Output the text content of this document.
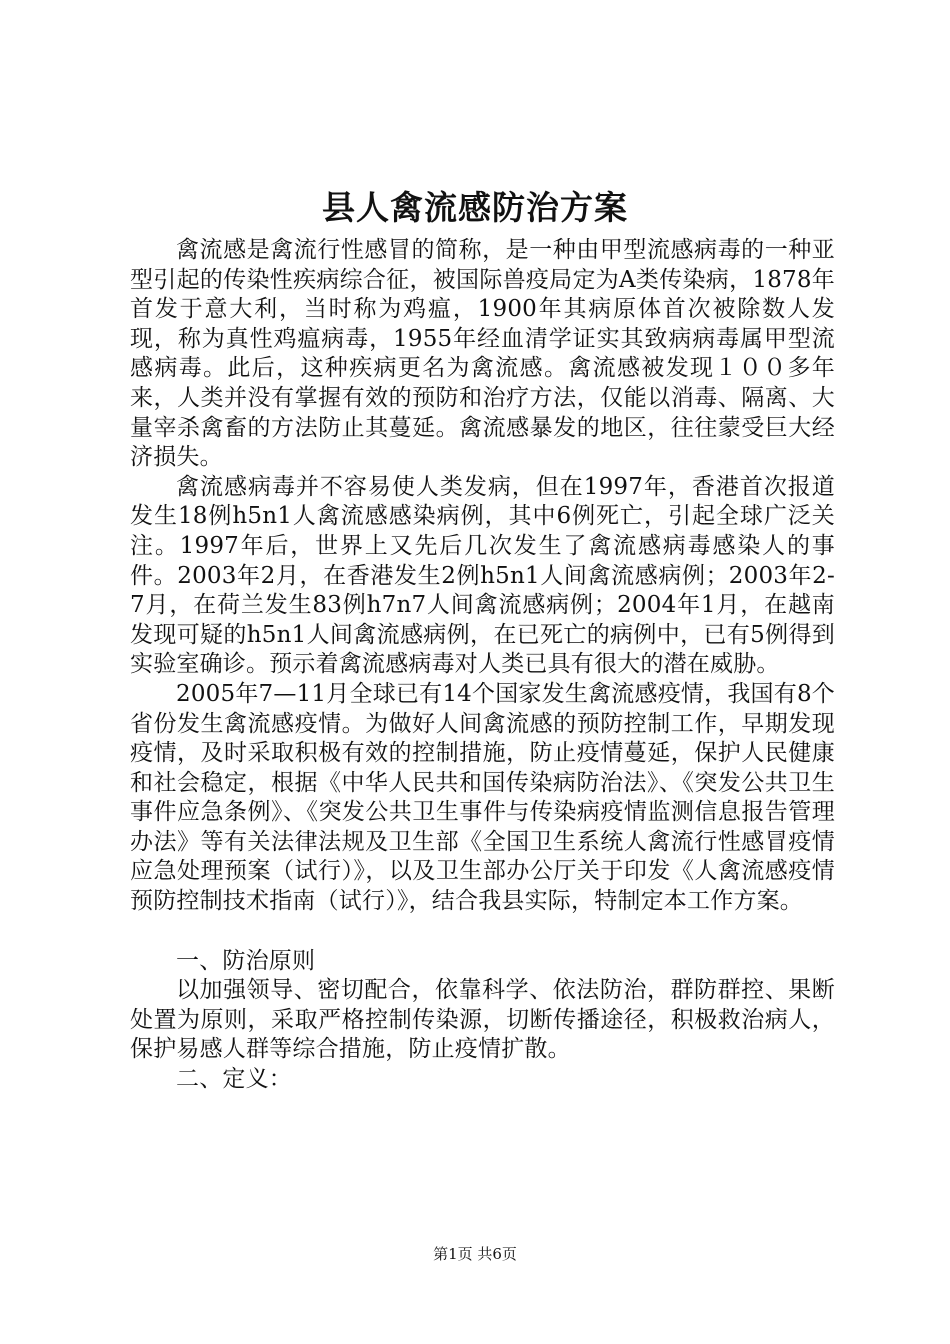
县人禽流感防治方案

禽流感是禽流行性感冒的简称，是一种由甲型流感病毒的一种亚型引起的传染性疾病综合征，被国际兽疫局定为A类传染病，1878年首发于意大利，当时称为鸡瘟，1900年其病原体首次被除数人发现，称为真性鸡瘟病毒，1955年经血清学证实其致病病毒属甲型流感病毒。此后，这种疾病更名为禽流感。禽流感被发现１００多年来，人类并没有掌握有效的预防和治疗方法，仅能以消毒、隔离、大量宰杀禽畜的方法防止其蔓延。禽流感暴发的地区，往往蒙受巨大经济损失。

禽流感病毒并不容易使人类发病，但在1997年，香港首次报道发生18例h5n1人禽流感感染病例，其中6例死亡，引起全球广泛关注。1997年后，世界上又先后几次发生了禽流感病毒感染人的事件。2003年2月，在香港发生2例h5n1人间禽流感病例；2003年2-7月，在荷兰发生83例h7n7人间禽流感病例；2004年1月，在越南发现可疑的h5n1人间禽流感病例，在已死亡的病例中，已有5例得到实验室确诊。预示着禽流感病毒对人类已具有很大的潜在威胁。

2005年7—11月全球已有14个国家发生禽流感疫情，我国有8个省份发生禽流感疫情。为做好人间禽流感的预防控制工作，早期发现疫情，及时采取积极有效的控制措施，防止疫情蔓延，保护人民健康和社会稳定，根据《中华人民共和国传染病防治法》、《突发公共卫生事件应急条例》、《突发公共卫生事件与传染病疫情监测信息报告管理办法》等有关法律法规及卫生部《全国卫生系统人禽流行性感冒疫情应急处理预案（试行）》，以及卫生部办公厅关于印发《人禽流感疫情预防控制技术指南（试行）》，结合我县实际，特制定本工作方案。

一、防治原则

以加强领导、密切配合，依靠科学、依法防治，群防群控、果断处置为原则，采取严格控制传染源，切断传播途径，积极救治病人，保护易感人群等综合措施，防止疫情扩散。

二、定义：

第1页 共6页
